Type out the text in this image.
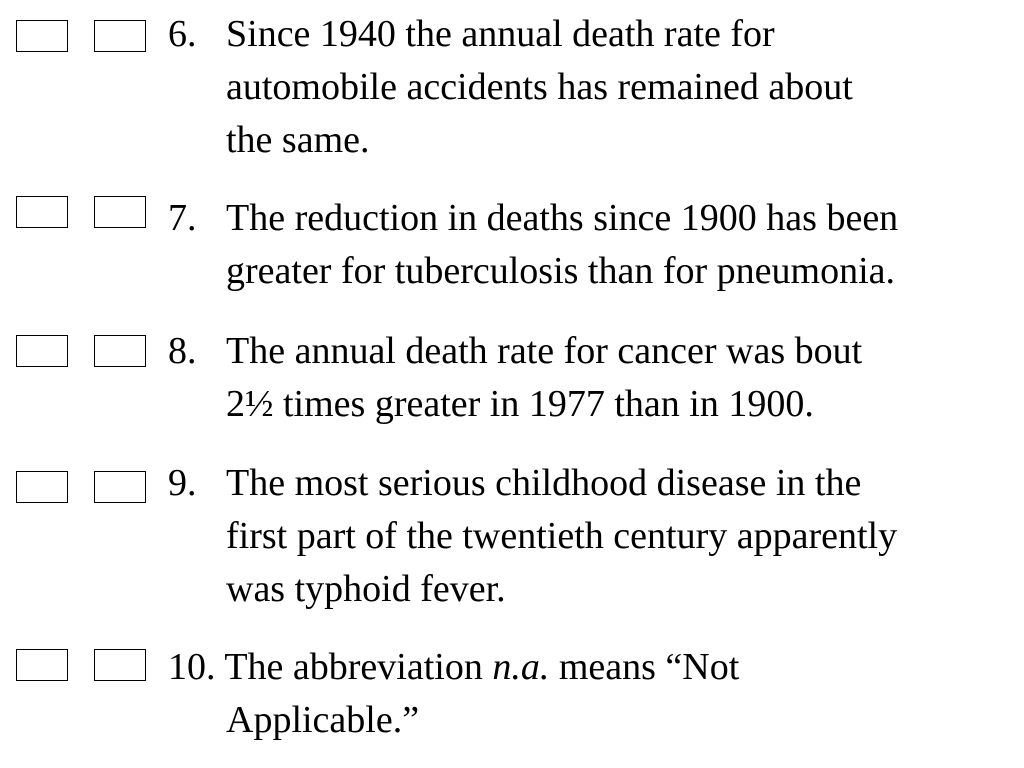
6. Since 1940 the annual death rate for
automobile accidents has remained about
the same.
7. The reduction in deaths since 1900 has been
greater for tuberculosis than for pneumonia.
8. The annual death rate for cancer was bout
2½ times greater in 1977 than in 1900.
9. The most serious childhood disease in the
first part of the twentieth century apparently
was typhoid fever.
10. The abbreviation n.a. means “Not
Applicable.”
